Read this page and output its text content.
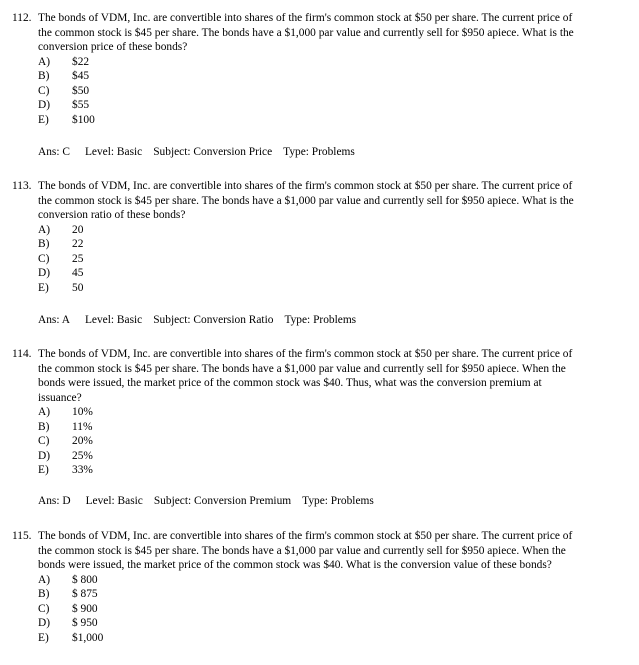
112. The bonds of VDM, Inc. are convertible into shares of the firm's common stock at $50 per share. The current price of the common stock is $45 per share. The bonds have a $1,000 par value and currently sell for $950 apiece. What is the conversion price of these bonds?
A) $22
B) $45
C) $50
D) $55
E) $100
Ans: C Level: Basic Subject: Conversion Price Type: Problems
113. The bonds of VDM, Inc. are convertible into shares of the firm's common stock at $50 per share. The current price of the common stock is $45 per share. The bonds have a $1,000 par value and currently sell for $950 apiece. What is the conversion ratio of these bonds?
A) 20
B) 22
C) 25
D) 45
E) 50
Ans: A Level: Basic Subject: Conversion Ratio Type: Problems
114. The bonds of VDM, Inc. are convertible into shares of the firm's common stock at $50 per share. The current price of the common stock is $45 per share. The bonds have a $1,000 par value and currently sell for $950 apiece. When the bonds were issued, the market price of the common stock was $40. Thus, what was the conversion premium at issuance?
A) 10%
B) 11%
C) 20%
D) 25%
E) 33%
Ans: D Level: Basic Subject: Conversion Premium Type: Problems
115. The bonds of VDM, Inc. are convertible into shares of the firm's common stock at $50 per share. The current price of the common stock is $45 per share. The bonds have a $1,000 par value and currently sell for $950 apiece. When the bonds were issued, the market price of the common stock was $40. What is the conversion value of these bonds?
A) $ 800
B) $ 875
C) $ 900
D) $ 950
E) $1,000
